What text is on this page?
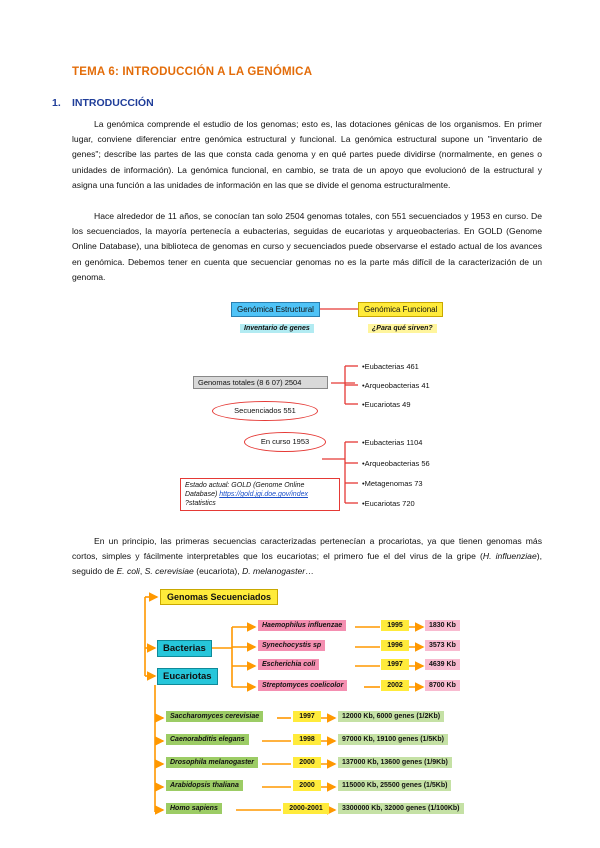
TEMA 6: INTRODUCCIÓN A LA GENÓMICA
1. INTRODUCCIÓN
La genómica comprende el estudio de los genomas; esto es, las dotaciones génicas de los organismos. En primer lugar, conviene diferenciar entre genómica estructural y funcional. La genómica estructural supone un "inventario de genes"; describe las partes de las que consta cada genoma y en qué partes puede dividirse (normalmente, en genes o unidades de información). La genómica funcional, en cambio, se trata de un apoyo que evolucionó de la estructural y asigna una función a las unidades de información en las que se divide el genoma estructuralmente.
Hace alrededor de 11 años, se conocían tan solo 2504 genomas totales, con 551 secuenciados y 1953 en curso. De los secuenciados, la mayoría pertenecía a eubacterias, seguidas de eucariotas y arqueobacterias. En GOLD (Genome Online Database), una biblioteca de genomas en curso y secuenciados puede observarse el estado actual de los avances en genómica. Debemos tener en cuenta que secuenciar genomas no es la parte más difícil de la caracterización de un genoma.
Genómica Estructural	Genómica Funcional
Inventario de genes	¿Para qué sirven?
Genomas totales (8 6 07) 2504
Secuenciados 551
En curso 1953
•Eubacterias 461
•Arqueobacterias 41
•Eucariotas 49
•Eubacterias 1104
•Arqueobacterias 56
•Metagenomas 73
•Eucariotas 720
Estado actual: GOLD (Genome Online
Database) https://gold.jgi.doe.gov/index
?statistics
En un principio, las primeras secuencias caracterizadas pertenecían a procariotas, ya que tienen genomas más cortos, simples y fácilmente interpretables que los eucariotas; el primero fue el del virus de la gripe (H. influenziae), seguido de E. coli, S. cerevisiae (eucariota), D. melanogaster…
Genomas Secuenciados
Bacterias
Eucariotas
Haemophilus influenzae	1995	1830 Kb
Synechocystis sp	1996	3573 Kb
Escherichia coli	1997	4639 Kb
Streptomyces coelicolor	2002	8700 Kb
Saccharomyces cerevisiae	1997	12000 Kb, 6000 genes (1/2Kb)
Caenorabditis elegans	1998	97000 Kb, 19100 genes (1/5Kb)
Drosophila melanogaster	2000	137000 Kb, 13600 genes (1/9Kb)
Arabidopsis thaliana	2000	115000 Kb, 25500 genes (1/5Kb)
Homo sapiens	2000-2001	3300000 Kb, 32000 genes (1/100Kb)
